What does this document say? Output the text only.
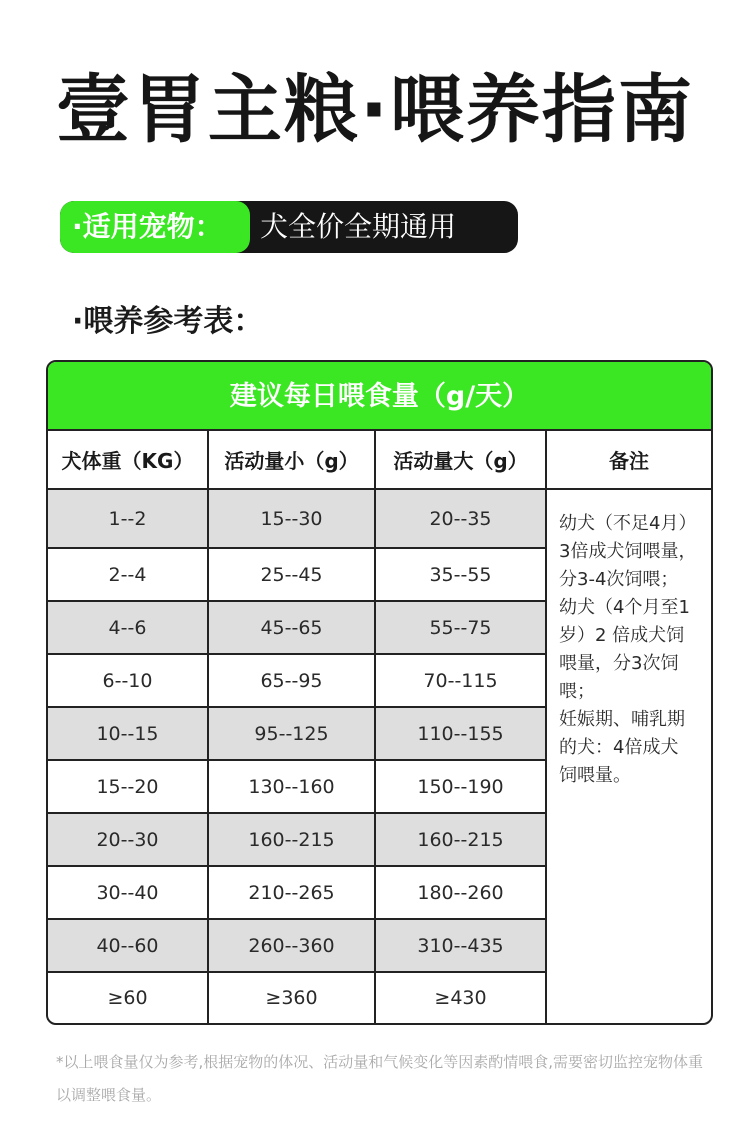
壹胃主粮·喂养指南
·适用宠物：	犬全价全期通用
·喂养参考表：
建议每日喂食量（g/天）
犬体重（KG）	活动量小（g）	活动量大（g）	备注
1--2	15--30	20--35
2--4	25--45	35--55
4--6	45--65	55--75
6--10	65--95	70--115
10--15	95--125	110--155
15--20	130--160	150--190
20--30	160--215	160--215
30--40	210--265	180--260
40--60	260--360	310--435
≥60	≥360	≥430
幼犬（不足4月）
3倍成犬饲喂量，
分3-4次饲喂；
幼犬（4个月至1
岁）2 倍成犬饲
喂量，分3次饲
喂；
妊娠期、哺乳期
的犬：4倍成犬
饲喂量。
*以上喂食量仅为参考,根据宠物的体况、活动量和气候变化等因素酌情喂食,需要密切监控宠物体重以调整喂食量。
